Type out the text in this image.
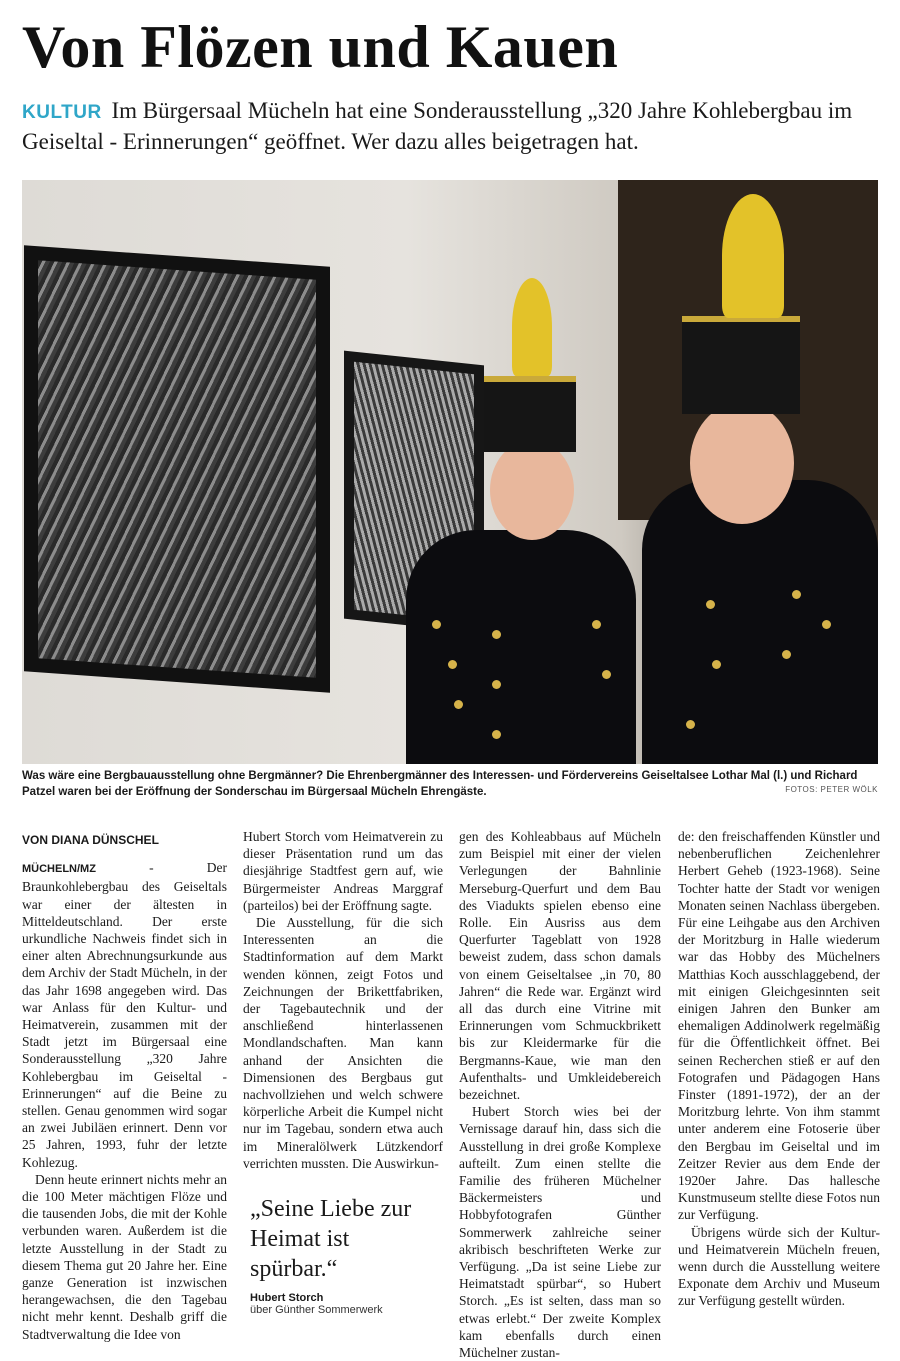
Von Flözen und Kauen

KULTUR Im Bürgersaal Mücheln hat eine Sonderausstellung „320 Jahre Kohlebergbau im Geiseltal - Erinnerungen“ geöffnet. Wer dazu alles beigetragen hat.

Was wäre eine Bergbauausstellung ohne Bergmänner? Die Ehrenbergmänner des Interessen- und Fördervereins Geiseltalsee Lothar Mal (l.) und Richard Patzel waren bei der Eröffnung der Sonderschau im Bürgersaal Mücheln Ehrengäste.	FOTOS: PETER WÖLK
VON DIANA DÜNSCHEL

MÜCHELN/MZ	- Der Braunkohlebergbau des Geiseltals war einer der ältesten in Mitteldeutschland. Der erste urkundliche Nachweis findet sich in einer alten Abrechnungsurkunde aus dem Archiv der Stadt Mücheln, in der das Jahr 1698 angegeben wird. Das war Anlass für den Kultur- und Heimatverein, zusammen mit der Stadt jetzt im Bürgersaal eine Sonderausstellung „320 Jahre Kohlebergbau im Geiseltal - Erinnerungen“ auf die Beine zu stellen. Genau genommen wird sogar an zwei Jubiläen erinnert. Denn vor 25 Jahren, 1993, fuhr der letzte Kohlezug.

Denn heute erinnert nichts mehr an die 100 Meter mächtigen Flöze und die tausenden Jobs, die mit der Kohle verbunden waren. Außerdem ist die letzte Ausstellung in der Stadt zu diesem Thema gut 20 Jahre her. Eine ganze Generation ist inzwischen herangewachsen, die den Tagebau nicht mehr kennt. Deshalb griff die Stadtverwaltung die Idee von

Hubert Storch vom Heimatverein zu dieser Präsentation rund um das diesjährige Stadtfest gern auf, wie Bürgermeister Andreas Marggraf (parteilos) bei der Eröffnung sagte.

Die Ausstellung, für die sich Interessenten an die Stadtinformation auf dem Markt wenden können, zeigt Fotos und Zeichnungen der Brikettfabriken, der Tagebautechnik und der anschließend hinterlassenen Mondlandschaften. Man kann anhand der Ansichten die Dimensionen des Bergbaus gut nachvollziehen und welch schwere körperliche Arbeit die Kumpel nicht nur im Tagebau, sondern etwa auch im Mineralölwerk Lützkendorf verrichten mussten. Die Auswirkun-

„Seine Liebe zur Heimat ist spürbar.“

Hubert Storch
über Günther Sommerwerk

gen des Kohleabbaus auf Mücheln zum Beispiel mit einer der vielen Verlegungen der Bahnlinie Merseburg-Querfurt und dem Bau des Viadukts spielen ebenso eine Rolle. Ein Ausriss aus dem Querfurter Tageblatt von 1928 beweist zudem, dass schon damals von einem Geiseltalsee „in 70, 80 Jahren“ die Rede war. Ergänzt wird all das durch eine Vitrine mit Erinnerungen vom Schmuckbrikett bis zur Kleidermarke für die Bergmanns-Kaue, wie man den Aufenthalts- und Umkleidebereich bezeichnet.

Hubert Storch wies bei der Vernissage darauf hin, dass sich die Ausstellung in drei große Komplexe aufteilt. Zum einen stellte die Familie des früheren Müchelner Bäckermeisters und Hobbyfotografen Günther Sommerwerk zahlreiche seiner akribisch beschrifteten Werke zur Verfügung. „Da ist seine Liebe zur Heimatstadt spürbar“, so Hubert Storch. „Es ist selten, dass man so etwas erlebt.“ Der zweite Komplex kam ebenfalls durch einen Müchelner zustan-

de: den freischaffenden Künstler und nebenberuflichen Zeichenlehrer Herbert Geheb (1923-1968). Seine Tochter hatte der Stadt vor wenigen Monaten seinen Nachlass übergeben. Für eine Leihgabe aus den Archiven der Moritzburg in Halle wiederum war das Hobby des Müchelners Matthias Koch ausschlaggebend, der mit einigen Gleichgesinnten seit einigen Jahren den Bunker am ehemaligen Addinolwerk regelmäßig für die Öffentlichkeit öffnet. Bei seinen Recherchen stieß er auf den Fotografen und Pädagogen Hans Finster (1891-1972), der an der Moritzburg lehrte. Von ihm stammt unter anderem eine Fotoserie über den Bergbau im Geiseltal und im Zeitzer Revier aus dem Ende der 1920er Jahre. Das hallesche Kunstmuseum stellte diese Fotos nun zur Verfügung.

Übrigens würde sich der Kultur- und Heimatverein Mücheln freuen, wenn durch die Ausstellung weitere Exponate dem Archiv und Museum zur Verfügung gestellt würden.
